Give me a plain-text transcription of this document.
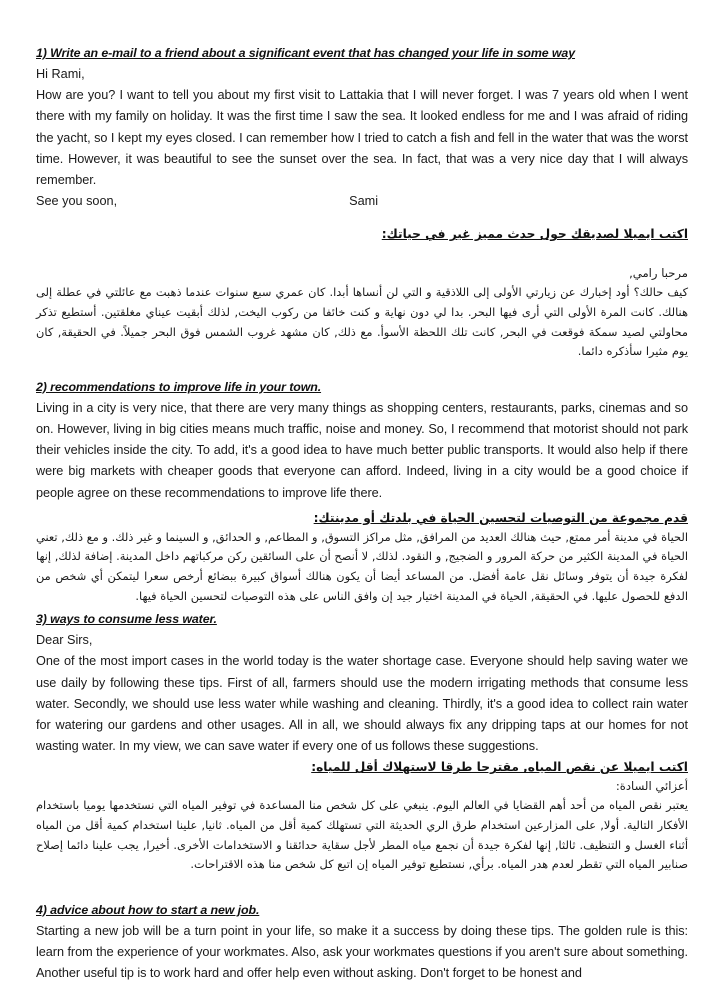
1) Write an e-mail to a friend about a significant event that has changed your life in some way
Hi Rami,
How are you? I want to tell you about my first visit to Lattakia that I will never forget. I was 7 years old when I went there with my family on holiday. It was the first time I saw the sea. It looked endless for me and I was afraid of riding the yacht, so I kept my eyes closed. I can remember how I tried to catch a fish and fell in the water that was the worst time. However, it was beautiful to see the sunset over the sea. In fact, that was a very nice day that I will always remember.
See you soon,	Sami
اكتب ايميلا لصديقك حول حدث مميز غير في حياتك:
مرحبا رامي,
كيف حالك؟ أود إخبارك عن زيارتي الأولى إلى اللاذقية و التي لن أنساها أبدا. كان عمري سبع سنوات عندما ذهبت مع عائلتي في عطلة إلى هنالك. كانت المرة الأولى التي أرى فيها البحر. بدا لي دون نهاية و كنت خائفا من ركوب اليخت, لذلك أبقيت عيناي مغلقتين. أستطيع تذكر محاولتي لصيد سمكة فوقعت في البحر, كانت تلك اللحظة الأسوأ. مع ذلك, كان مشهد غروب الشمس فوق البحر جميلاً. في الحقيقة, كان يوم مثيرا سأذكره دائما.
2) recommendations to improve life in your town.
Living in a city is very nice, that there are very many things as shopping centers, restaurants, parks, cinemas and so on. However, living in big cities means much traffic, noise and money. So, I recommend that motorist should not park their vehicles inside the city. To add, it's a good idea to have much better public transports. It would also help if there were big markets with cheaper goods that everyone can afford. Indeed, living in a city would be a good choice if people agree on these recommendations to improve life there.
قدم مجموعة من التوصيات لتحسين الحياة في بلدتك أو مدينتك:
الحياة في مدينة أمر ممتع, حيث هنالك العديد من المرافق, مثل مراكز التسوق, و المطاعم, و الحدائق, و السينما و غير ذلك. و مع ذلك, تعني الحياة في المدينة الكثير من حركة المرور و الضجيج, و النقود. لذلك, لا أنصح أن على السائقين ركن مركباتهم داخل المدينة. إضافة لذلك, إنها لفكرة جيدة أن يتوفر وسائل نقل عامة أفضل. من المساعد أيضا أن يكون هنالك أسواق كبيرة ببضائع أرخص سعرا ليتمكن أي شخص من الدفع للحصول عليها. في الحقيقة, الحياة في المدينة اختيار جيد إن وافق الناس على هذه التوصيات لتحسين الحياة فيها.
3) ways to consume less water.
Dear Sirs,
One of the most import cases in the world today is the water shortage case. Everyone should help saving water we use daily by following these tips. First of all, farmers should use the modern irrigating methods that consume less water. Secondly, we should use less water while washing and cleaning. Thirdly, it's a good idea to collect rain water for watering our gardens and other usages. All in all, we should always fix any dripping taps at our homes for not wasting water. In my view, we can save water if every one of us follows these suggestions.
اكتب ايميلا عن نقص المياه, مقترحا طرقا لاستهلاك أقل للمياه:
أعزائي السادة:
يعتبر نقص المياه من أحد أهم القضايا في العالم اليوم. ينبغي على كل شخص منا المساعدة في توفير المياه التي نستخدمها يوميا باستخدام الأفكار التالية. أولا, على المزارعين استخدام طرق الري الحديثة التي تستهلك كمية أقل من المياه. ثانيا, علينا استخدام كمية أقل من المياه أثناء الغسل و التنظيف. ثالثا, إنها لفكرة جيدة أن نجمع مياه المطر لأجل سقاية حدائقنا و الاستخدامات الأخرى. أخيرا, يجب علينا دائما إصلاح صنابير المياه التي تقطر لعدم هدر المياه. برأي, نستطيع توفير المياه إن اتبع كل شخص منا هذه الاقتراحات.
4) advice about how to start a new job.
Starting a new job will be a turn point in your life, so make it a success by doing these tips. The golden rule is this: learn from the experience of your workmates. Also, ask your workmates questions if you aren't sure about something. Another useful tip is to work hard and offer help even without asking. Don't forget to be honest and
